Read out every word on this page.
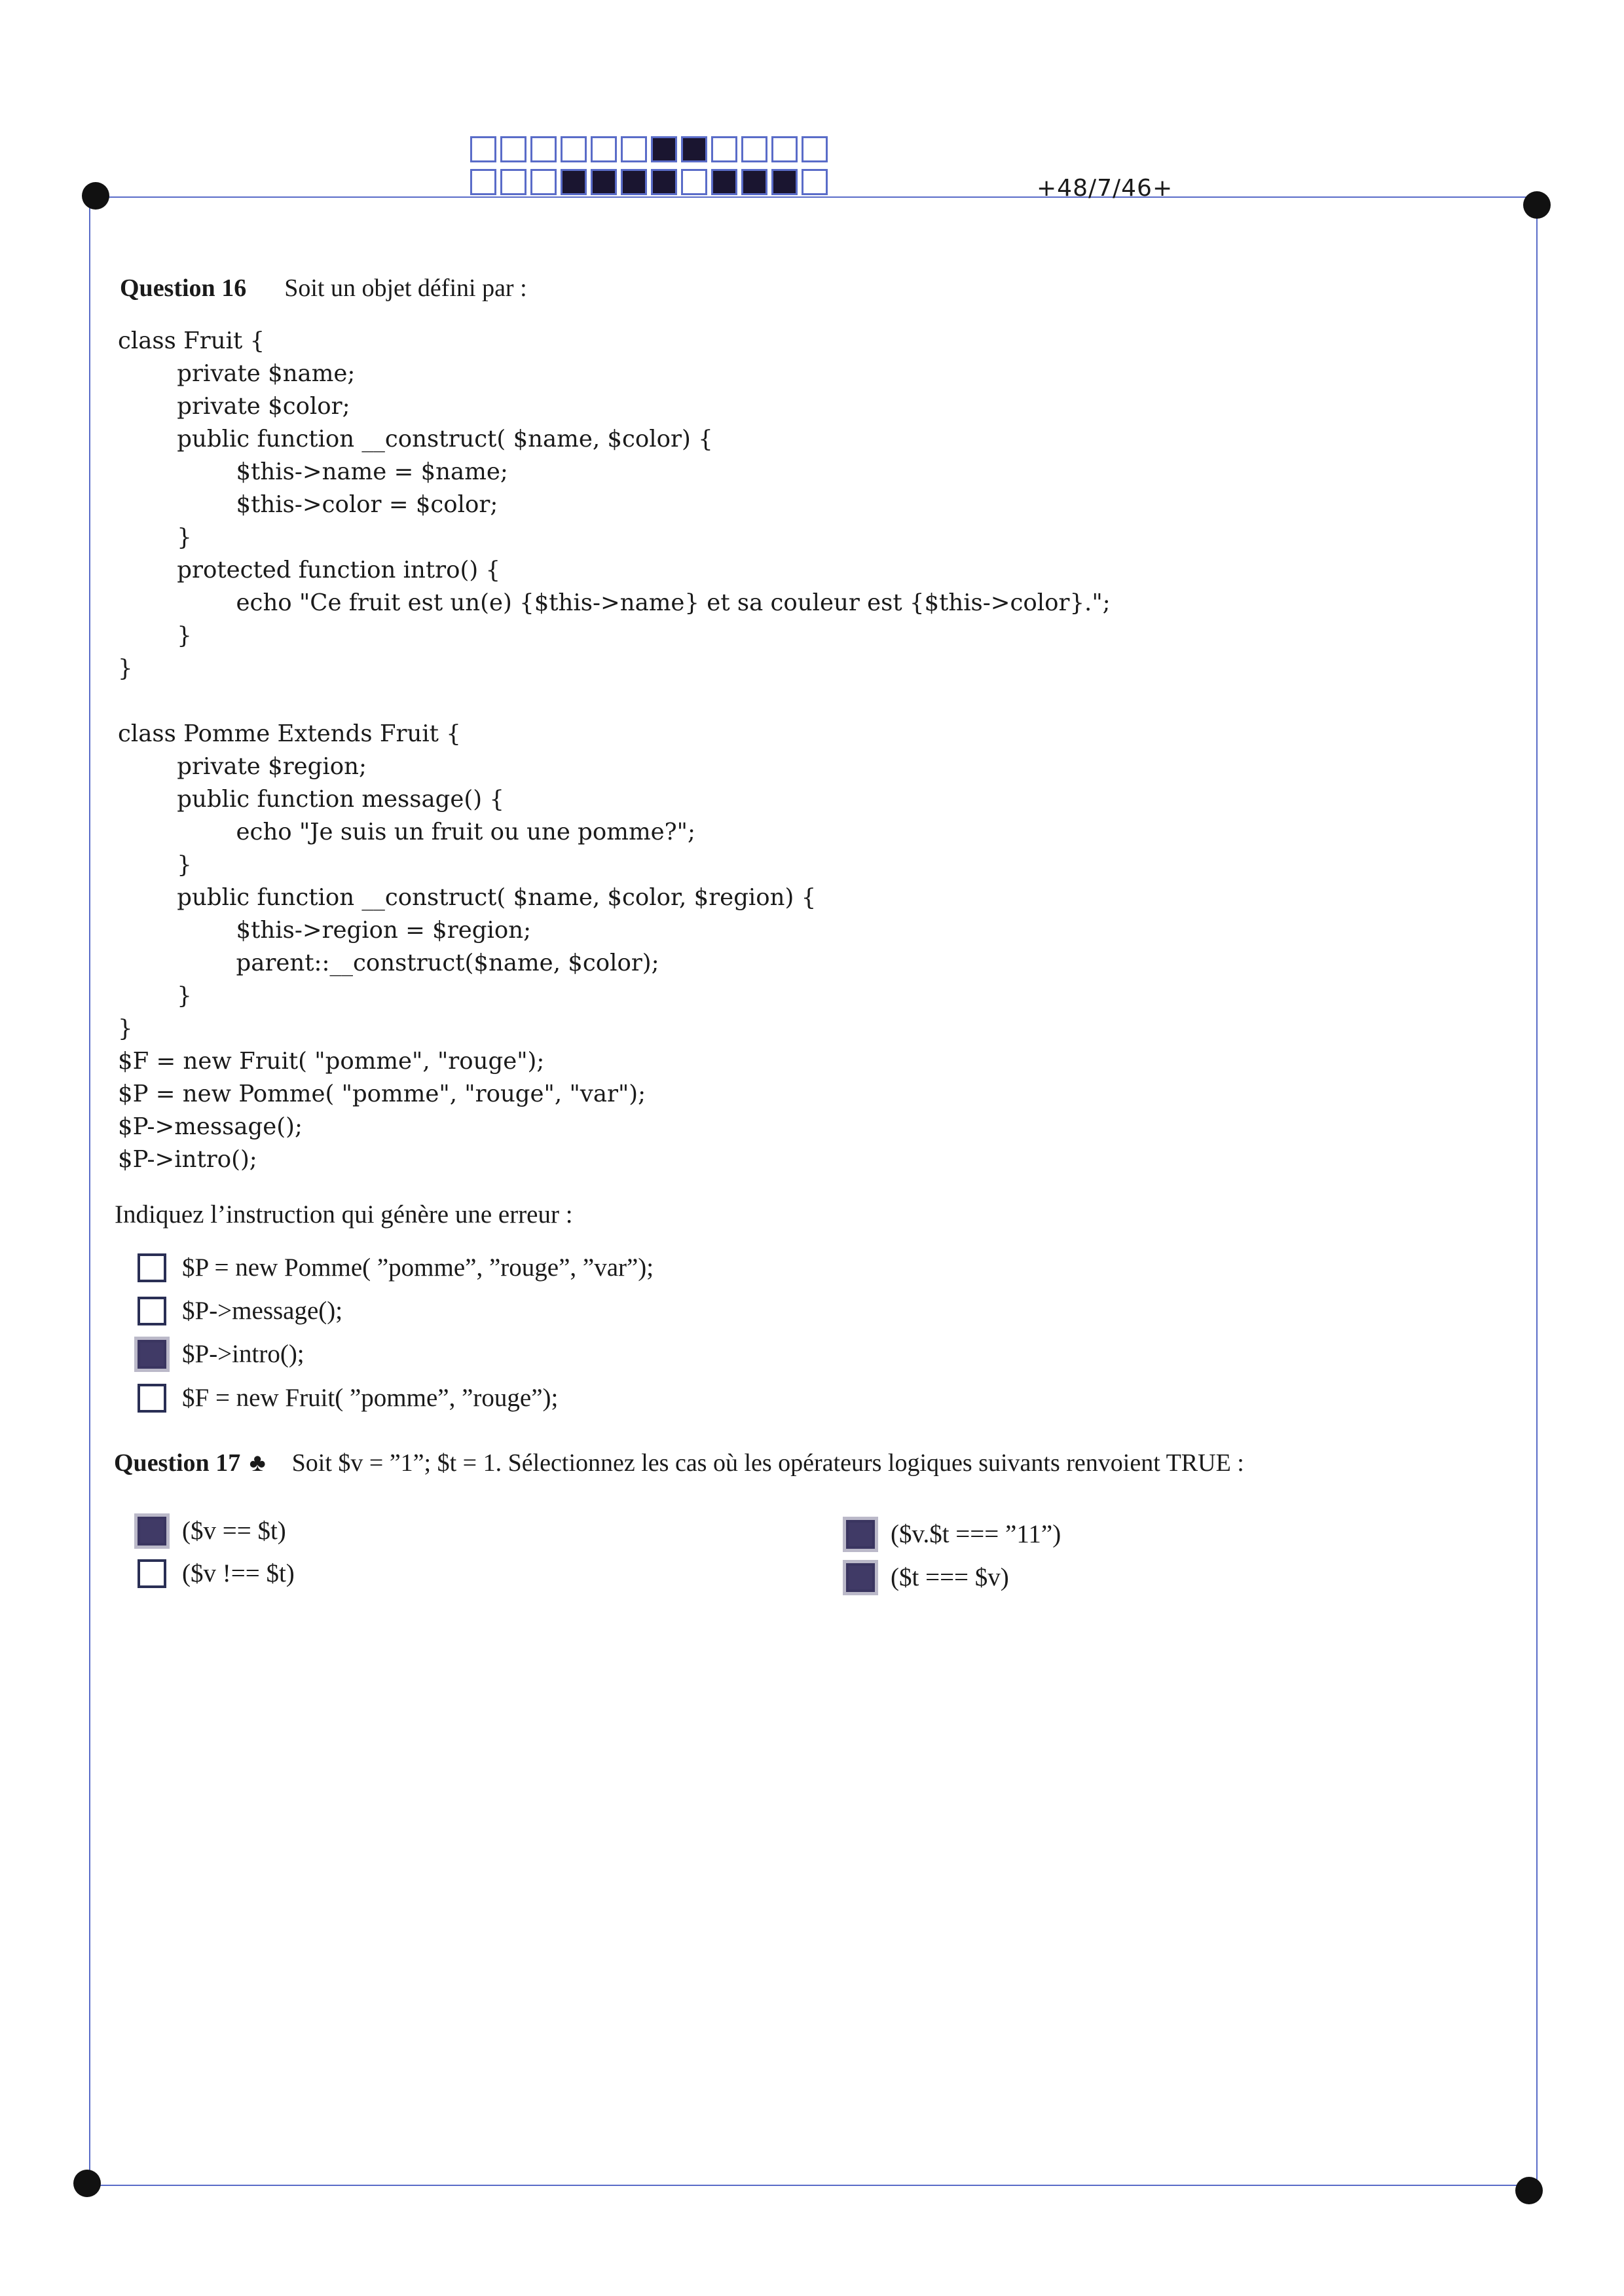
+48/7/46+
Question 16 Soit un objet défini par :
class Fruit {
private $name;
private $color;
public function __construct( $name, $color) {
$this->name = $name;
$this->color = $color;
}
protected function intro() {
echo "Ce fruit est un(e) {$this->name} et sa couleur est {$this->color}.";
}
}

class Pomme Extends Fruit {
private $region;
public function message() {
echo "Je suis un fruit ou une pomme?";
}
public function __construct( $name, $color, $region) {
$this->region = $region;
parent::__construct($name, $color);
}
}
$F = new Fruit( "pomme", "rouge");
$P = new Pomme( "pomme", "rouge", "var");
$P->message();
$P->intro();
Indiquez l’instruction qui génère une erreur :
$P = new Pomme( ”pomme”, ”rouge”, ”var”);
$P->message();
$P->intro();
$F = new Fruit( ”pomme”, ”rouge”);
Question 17 ♣ Soit $v = ”1”; $t = 1. Sélectionnez les cas où les opérateurs logiques suivants renvoient TRUE :
($v == $t)
($v !== $t)
($v.$t === ”11”)
($t === $v)
